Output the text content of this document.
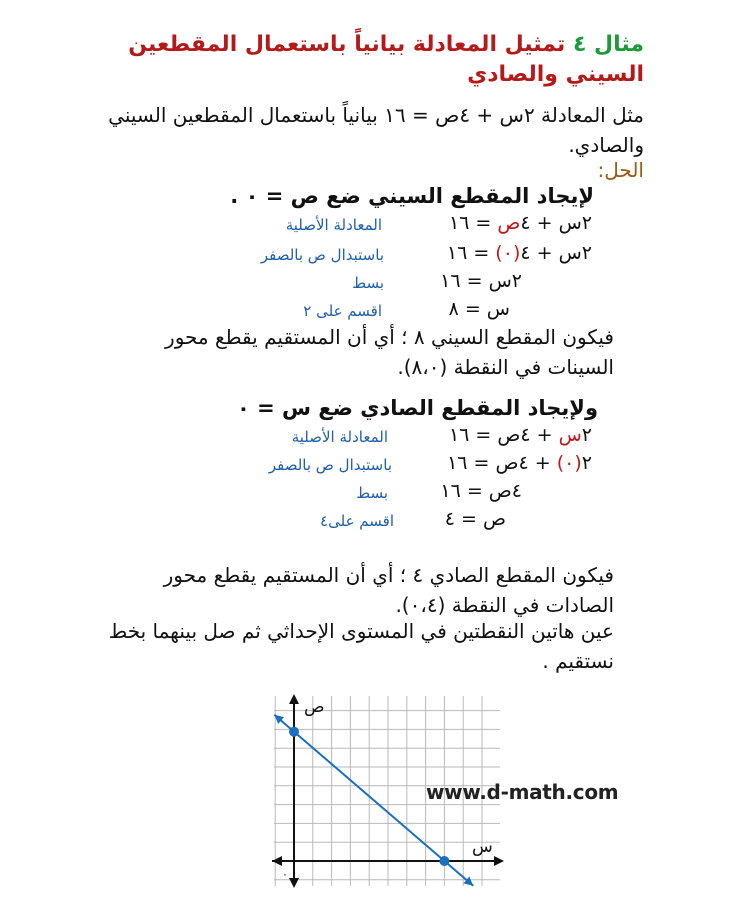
مثال ٤ تمثيل المعادلة بيانياً باستعمال المقطعين السيني والصادي
مثل المعادلة ٢س + ٤ص = ١٦ بيانياً باستعمال المقطعين السيني والصادي.
الحل:
لإيجاد المقطع السيني ضع ص = ٠ .
٢س + ٤ص = ١٦
المعادلة الأصلية
٢س + ٤(٠) = ١٦
باستبدال ص بالصفر
٢س = ١٦
بسط
س = ٨
اقسم على ٢
فيكون المقطع السيني ٨ ؛ أي أن المستقيم يقطع محور السينات في النقطة (٨،٠).
ولإيجاد المقطع الصادي ضع س = ٠
٢س + ٤ص = ١٦
المعادلة الأصلية
٢(٠) + ٤ص = ١٦
باستبدال ص بالصفر
٤ص = ١٦
بسط
ص = ٤
اقسم على٤
فيكون المقطع الصادي ٤ ؛ أي أن المستقيم يقطع محور الصادات في النقطة (٠،٤).
عين هاتين النقطتين في المستوى الإحداثي ثم صل بينهما بخط نستقيم .
ص
س
٠
www.d-math.com
